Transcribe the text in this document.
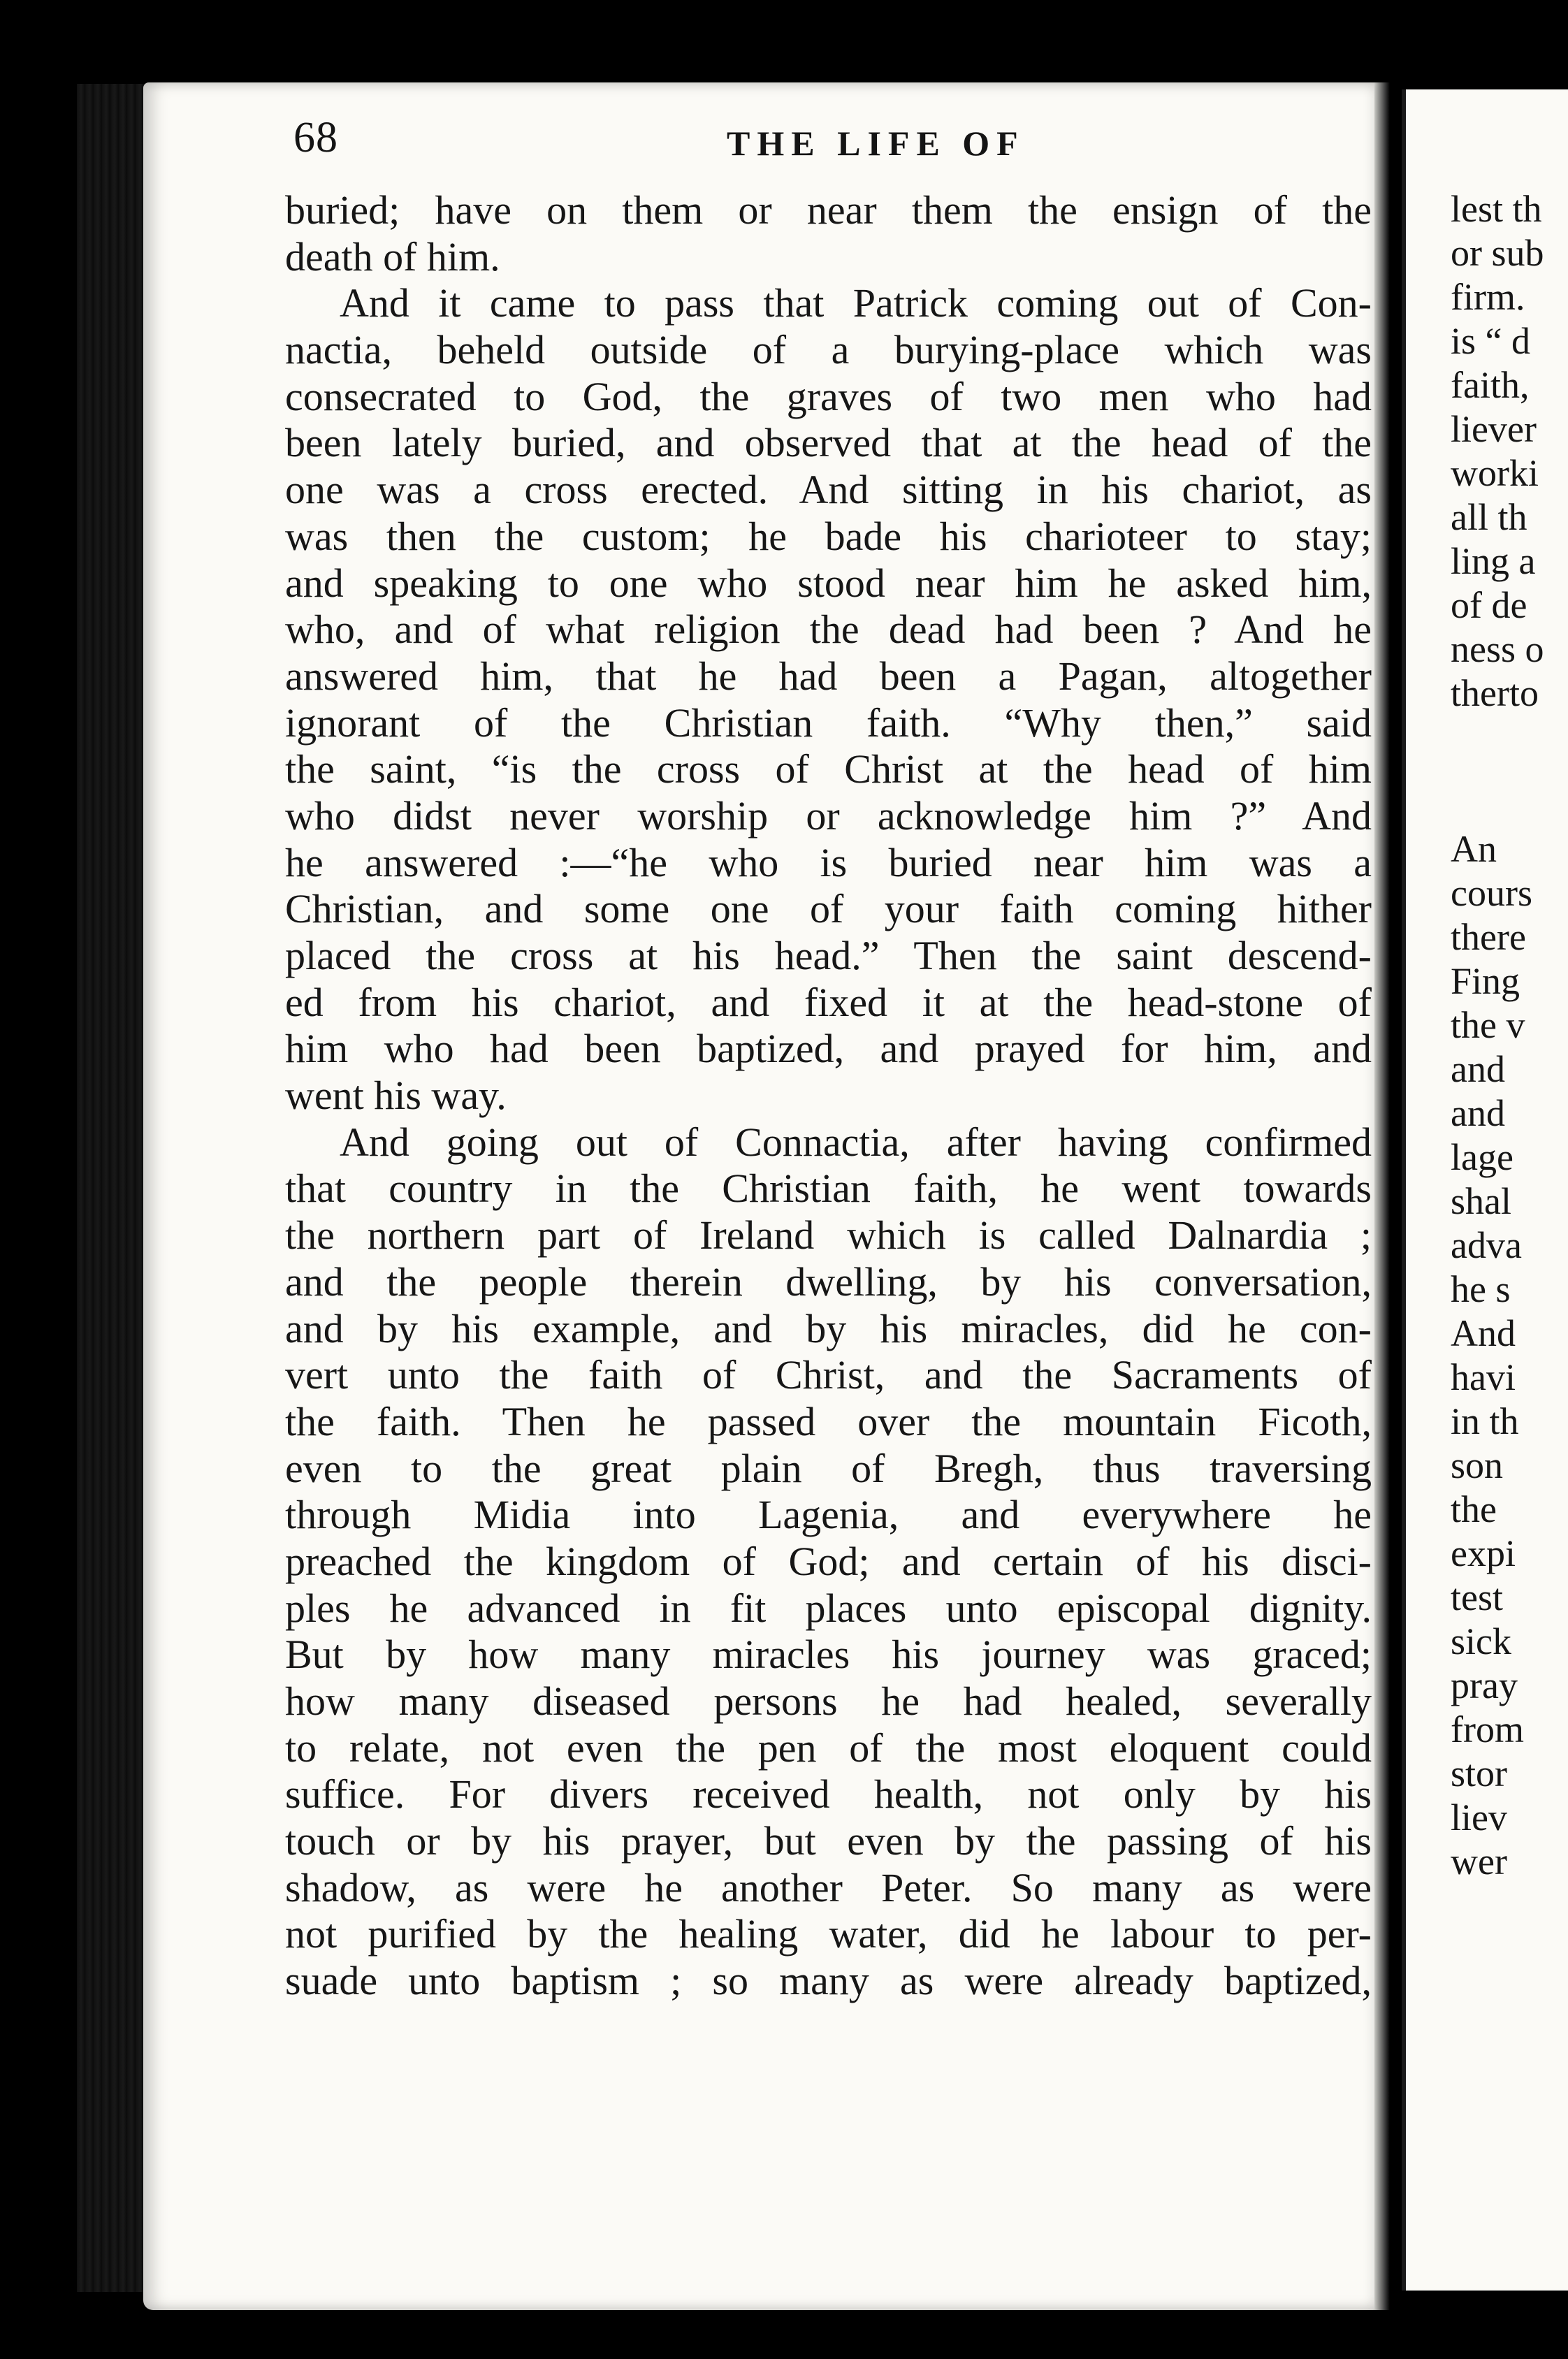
68	THE LIFE OF
buried; have on them or near them the ensign of the
death of him.
And it came to pass that Patrick coming out of Con-
nactia, beheld outside of a burying-place which was
consecrated to God, the graves of two men who had
been lately buried, and observed that at the head of the
one was a cross erected. And sitting in his chariot, as
was then the custom; he bade his charioteer to stay;
and speaking to one who stood near him he asked him,
who, and of what religion the dead had been ? And he
answered him, that he had been a Pagan, altogether
ignorant of the Christian faith. “Why then,” said
the saint, “is the cross of Christ at the head of him
who didst never worship or acknowledge him ?” And
he answered :—“he who is buried near him was a
Christian, and some one of your faith coming hither
placed the cross at his head.” Then the saint descend-
ed from his chariot, and fixed it at the head-stone of
him who had been baptized, and prayed for him, and
went his way.
And going out of Connactia, after having confirmed
that country in the Christian faith, he went towards
the northern part of Ireland which is called Dalnardia ;
and the people therein dwelling, by his conversation,
and by his example, and by his miracles, did he con-
vert unto the faith of Christ, and the Sacraments of
the faith. Then he passed over the mountain Ficoth,
even to the great plain of Bregh, thus traversing
through Midia into Lagenia, and everywhere he
preached the kingdom of God; and certain of his disci-
ples he advanced in fit places unto episcopal dignity.
But by how many miracles his journey was graced;
how many diseased persons he had healed, severally
to relate, not even the pen of the most eloquent could
suffice. For divers received health, not only by his
touch or by his prayer, but even by the passing of his
shadow, as were he another Peter. So many as were
not purified by the healing water, did he labour to per-
suade unto baptism ; so many as were already baptized,
lest th
or sub
firm.
is “ d
faith,
liever
worki
all th
ling a
of de
ness o
therto
An
cours
there
Fing
the v
and
and
lage
shal
adva
he s
And
havi
in th
son
the
expi
test
sick
pray
from
stor
liev
wer
